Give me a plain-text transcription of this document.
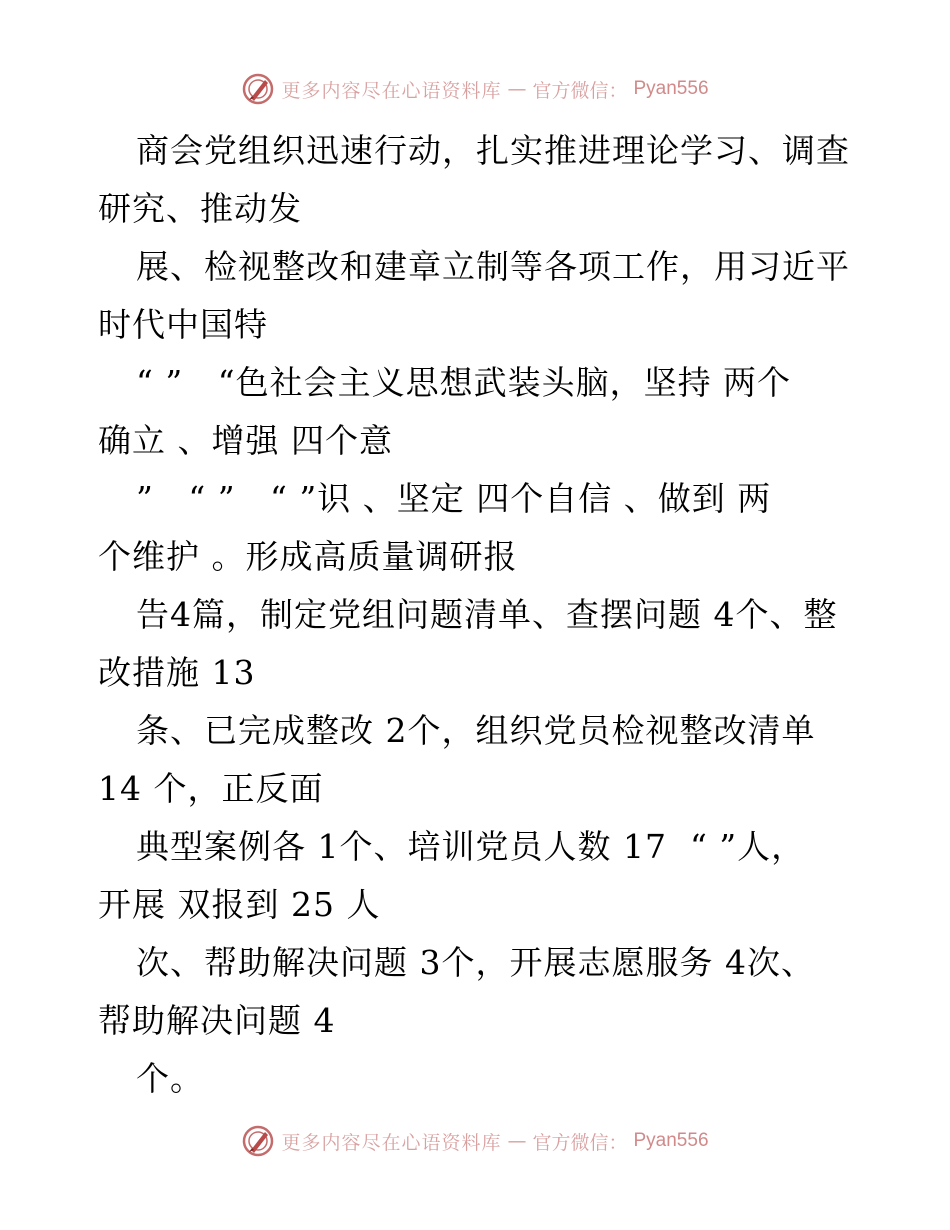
更多内容尽在心语资料库 — 官方微信： Pyan556
商会党组织迅速行动，扎实推进理论学习、调查
研究、推动发
展、检视整改和建章立制等各项工作，用习近平
时代中国特
“ ”   “色社会主义思想武装头脑，坚持 两个
确立 、增强 四个意
”   “ ”   “ ”识 、坚定 四个自信 、做到 两
个维护 。形成高质量调研报
告4篇，制定党组问题清单、查摆问题 4个、整
改措施 13
条、已完成整改 2个，组织党员检视整改清单
14 个，正反面
典型案例各 1个、培训党员人数 17  “ ”人，
开展 双报到 25 人
次、帮助解决问题 3个，开展志愿服务 4次、
帮助解决问题 4
个。
更多内容尽在心语资料库 — 官方微信： Pyan556
